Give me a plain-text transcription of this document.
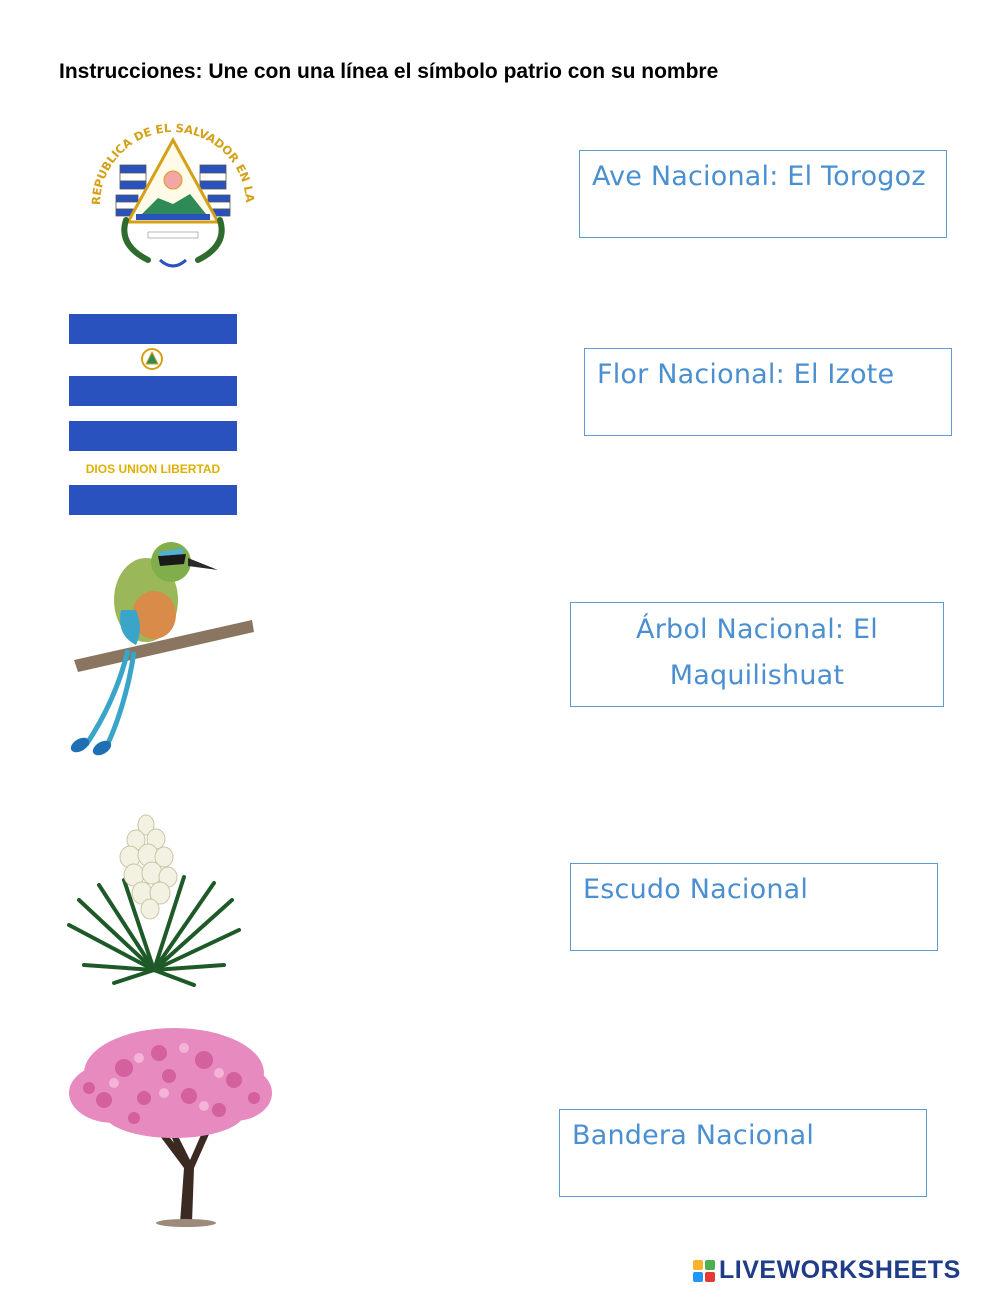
Instrucciones: Une con una línea el símbolo patrio con su nombre
REPUBLICA DE EL SALVADOR EN LA
DIOS UNION LIBERTAD
Ave Nacional: El Torogoz
Flor Nacional: El Izote
Árbol Nacional: El
Maquilishuat
Escudo Nacional
Bandera Nacional
LIVEWORKSHEETS
